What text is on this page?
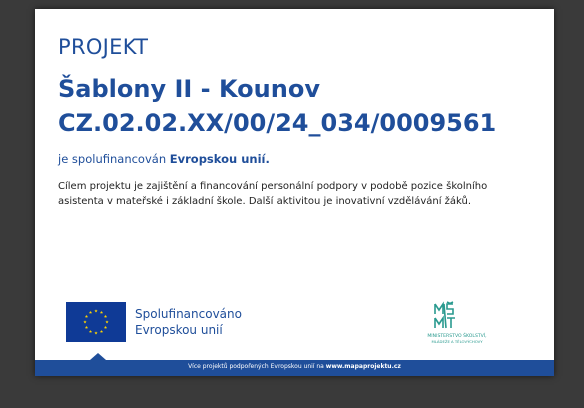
PROJEKT
Šablony II - Kounov
CZ.02.02.XX/00/24_034/0009561
je spolufinancován Evropskou unií.
Cílem projektu je zajištění a financování personální podpory v podobě pozice školního asistenta v mateřské i základní škole. Další aktivitou je inovativní vzdělávání žáků.
Spolufinancováno
Evropskou unií	MINISTERSTVO ŠKOLSTVÍ,
MLÁDEŽE A TĚLOVÝCHOVY
Více projektů podpořených Evropskou unií na www.mapaprojektu.cz
